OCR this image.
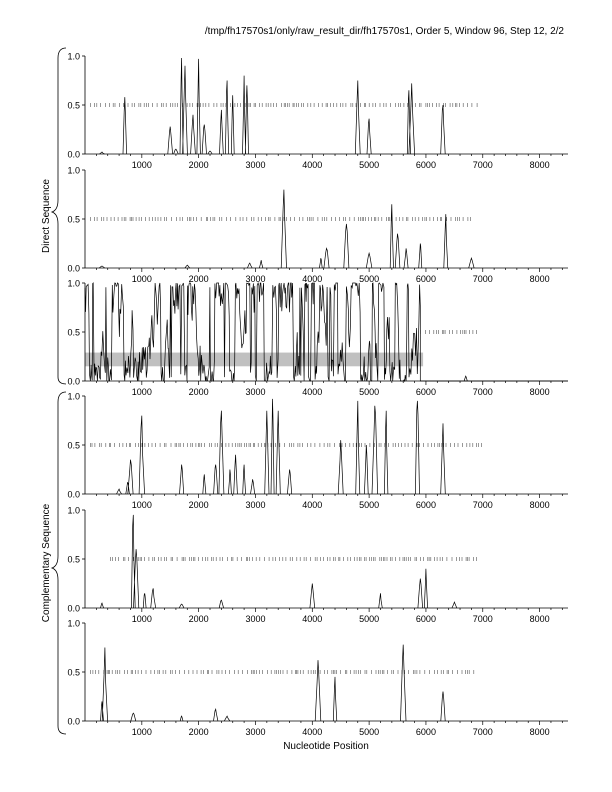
/tmp/fh17570s1/only/raw_result_dir/fh17570s1, Order 5, Window 96, Step 12, 2/2
0.0
0.5
1.0
1000	2000	3000	4000	5000	6000	7000	8000
0.0
0.5
1.0
1000	2000	3000	4000	5000	6000	7000	8000
0.0
0.5
1.0
1000	2000	3000	4000	5000	6000	7000	8000
0.0
0.5
1.0
1000	2000	3000	4000	5000	6000	7000	8000
0.0
0.5
1.0
1000	2000	3000	4000	5000	6000	7000	8000
0.0
0.5
1.0
1000	2000	3000	4000	5000	6000	7000	8000
Direct Sequence
Complementary Sequence
Nucleotide Position
